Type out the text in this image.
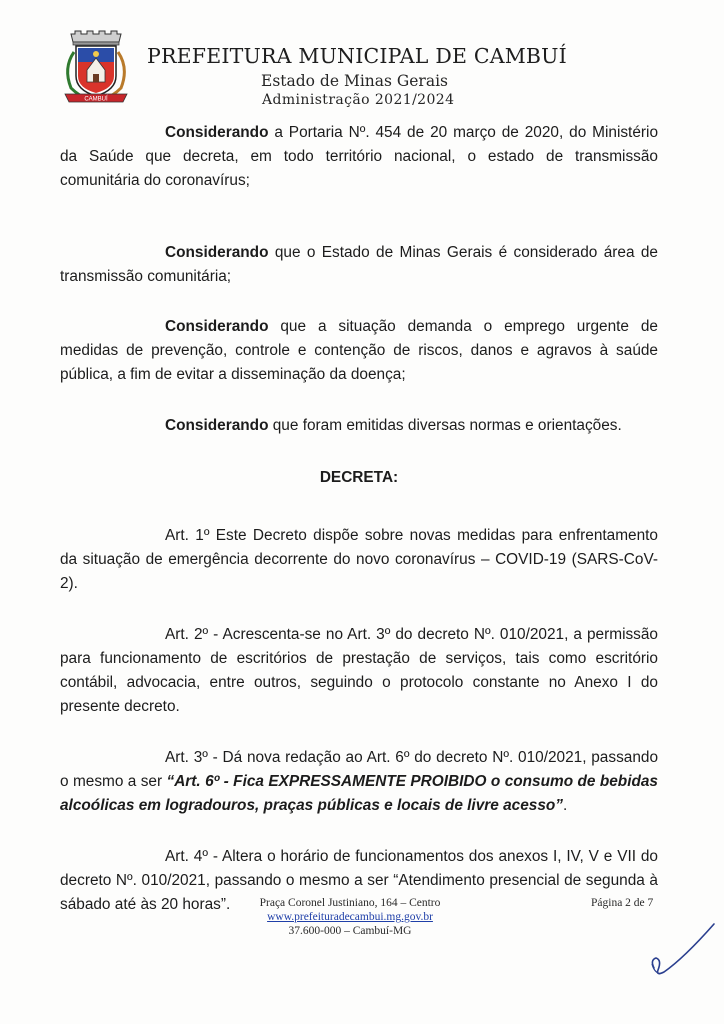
CAMBUÍ
PREFEITURA MUNICIPAL DE CAMBUÍ
Estado de Minas Gerais
Administração 2021/2024

Considerando a Portaria Nº. 454 de 20 março de 2020, do Ministério da Saúde que decreta, em todo território nacional, o estado de transmissão comunitária do coronavírus;

Considerando que o Estado de Minas Gerais é considerado área de transmissão comunitária;

Considerando que a situação demanda o emprego urgente de medidas de prevenção, controle e contenção de riscos, danos e agravos à saúde pública, a fim de evitar a disseminação da doença;

Considerando que foram emitidas diversas normas e orientações.

DECRETA:

Art. 1º Este Decreto dispõe sobre novas medidas para enfrentamento da situação de emergência decorrente do novo coronavírus – COVID-19 (SARS-CoV-2).

Art. 2º - Acrescenta-se no Art. 3º do decreto Nº. 010/2021, a permissão para funcionamento de escritórios de prestação de serviços, tais como escritório contábil, advocacia, entre outros, seguindo o protocolo constante no Anexo I do presente decreto.

Art. 3º - Dá nova redação ao Art. 6º do decreto Nº. 010/2021, passando o mesmo a ser “Art. 6º - Fica EXPRESSAMENTE PROIBIDO o consumo de bebidas alcoólicas em logradouros, praças públicas e locais de livre acesso”.

Art. 4º - Altera o horário de funcionamentos dos anexos I, IV, V e VII do decreto Nº. 010/2021, passando o mesmo a ser “Atendimento presencial de segunda à sábado até às 20 horas”.	Praça Coronel Justiniano, 164 – Centro
www.prefeituradecambui.mg.gov.br
37.600-000 – Cambuí-MG
Página 2 de 7
